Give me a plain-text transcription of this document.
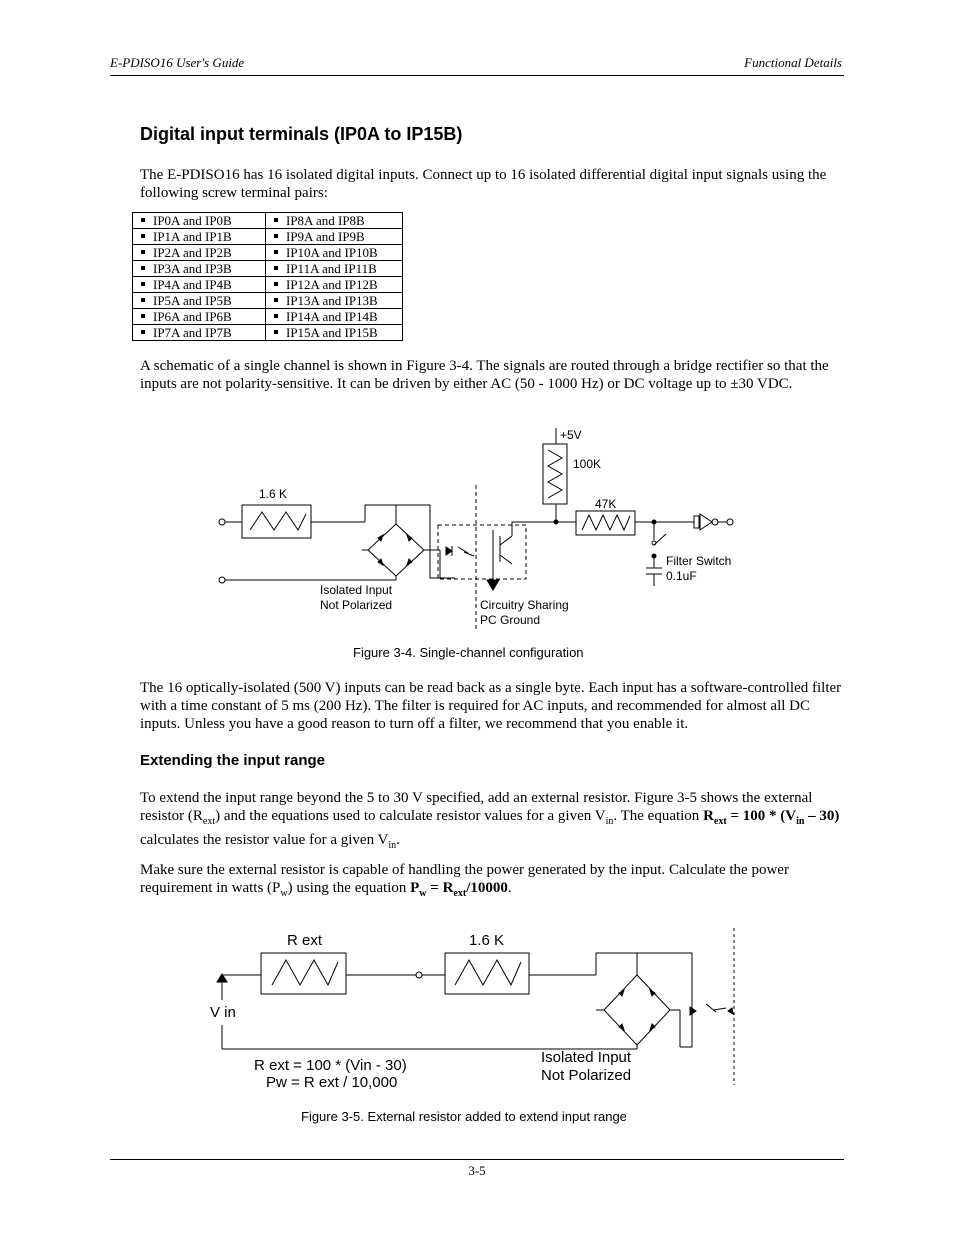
E-PDISO16 User's Guide	Functional Details
Digital input terminals (IP0A to IP15B)
The E-PDISO16 has 16 isolated digital inputs. Connect up to 16 isolated differential digital input signals using the following screw terminal pairs:
IP0A and IP0B	IP8A and IP8B
IP1A and IP1B	IP9A and IP9B
IP2A and IP2B	IP10A and IP10B
IP3A and IP3B	IP11A and IP11B
IP4A and IP4B	IP12A and IP12B
IP5A and IP5B	IP13A and IP13B
IP6A and IP6B	IP14A and IP14B
IP7A and IP7B	IP15A and IP15B
A schematic of a single channel is shown in Figure 3-4. The signals are routed through a bridge rectifier so that the inputs are not polarity-sensitive. It can be driven by either AC (50 - 1000 Hz) or DC voltage up to ±30 VDC.
+5V
100K
47K
1.6 K
Isolated Input
Not Polarized	Circuitry Sharing
PC Ground
Filter Switch
0.1uF
Figure 3-4. Single-channel configuration
The 16 optically-isolated (500 V) inputs can be read back as a single byte. Each input has a software-controlled filter with a time constant of 5 ms (200 Hz). The filter is required for AC inputs, and recommended for almost all DC inputs. Unless you have a good reason to turn off a filter, we recommend that you enable it.
Extending the input range
To extend the input range beyond the 5 to 30 V specified, add an external resistor. Figure 3-5 shows the external resistor $(R_{ext})$ and the equations used to calculate resistor values for a given $V_{in}$. The equation $R_{ext} = 100 * (V_{in} - 30)$ calculates the resistor value for a given $V_{in}$.
Make sure the external resistor is capable of handling the power generated by the input. Calculate the power requirement in watts $(P_w)$ using the equation $P_w = R_{ext}/10000$.
R ext	1.6 K
V in
R ext = 100 * (Vin - 30)
Pw = R ext / 10,000
Isolated Input
Not Polarized
Figure 3-5. External resistor added to extend input range
3-5
